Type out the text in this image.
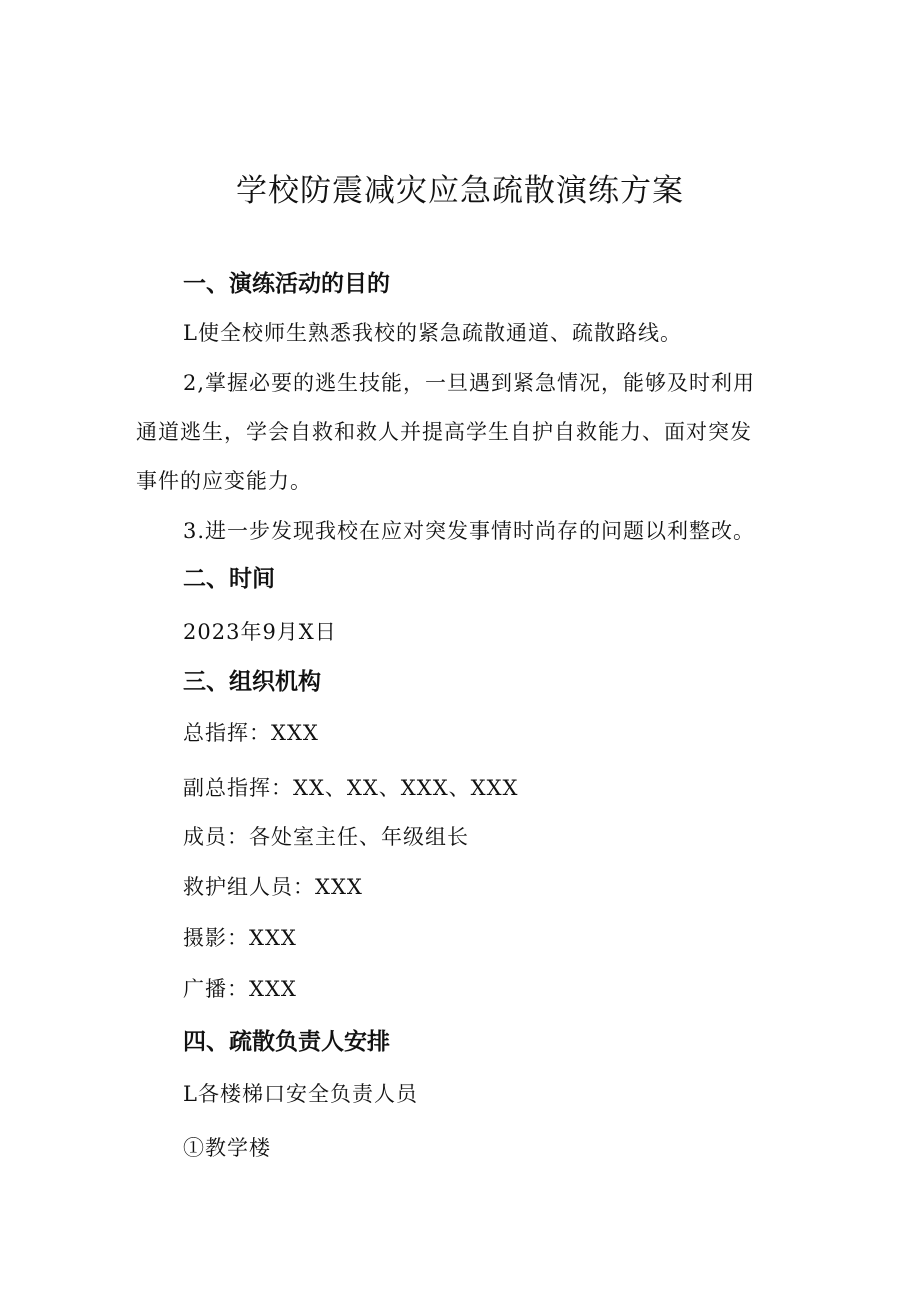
学校防震减灾应急疏散演练方案
一、演练活动的目的

L使全校师生熟悉我校的紧急疏散通道、疏散路线。

2,掌握必要的逃生技能，一旦遇到紧急情况，能够及时利用

通道逃生，学会自救和救人并提高学生自护自救能力、面对突发

事件的应变能力。

3.进一步发现我校在应对突发事情时尚存的问题以利整改。

二、时间

2023年9月X日

三、组织机构

总指挥：XXX

副总指挥：XX、XX、XXX、XXX

成员：各处室主任、年级组长

救护组人员：XXX

摄影：XXX

广播：XXX

四、疏散负责人安排

L各楼梯口安全负责人员

①教学楼
